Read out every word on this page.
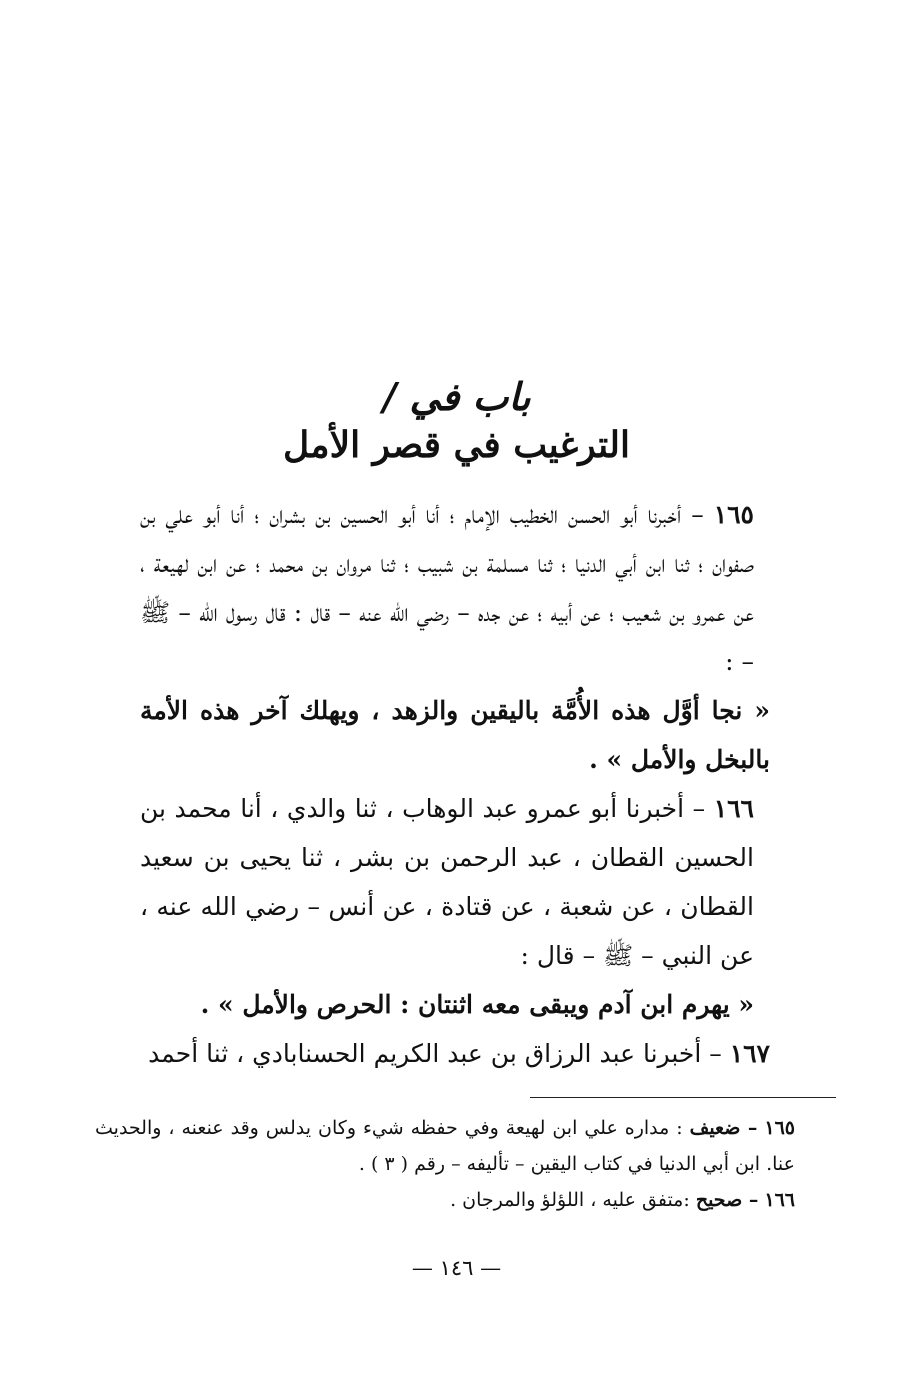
باب في /
الترغيب في قصر الأمل

١٦٥ – أخبرنا أبو الحسن الخطيب الإمام ؛ أنا أبو الحسين بن بشران ؛ أنا أبو علي بن صفوان ؛ ثنا ابن أبي الدنيا ؛ ثنا مسلمة بن شبيب ؛ ثنا مروان بن محمد ؛ عن ابن لهيعة ، عن عمرو بن شعيب ؛ عن أبيه ؛ عن جده – رضي الله عنه – قال : قال رسول الله – ﷺ – :

« نجا أوَّل هذه الأُمَّة باليقين والزهد ، ويهلك آخر هذه الأمة بالبخل والأمل » .

١٦٦ – أخبرنا أبو عمرو عبد الوهاب ، ثنا والدي ، أنا محمد بن الحسين القطان ، عبد الرحمن بن بشر ، ثنا يحيى بن سعيد القطان ، عن شعبة ، عن قتادة ، عن أنس – رضي الله عنه ، عن النبي – ﷺ – قال :

« يهرم ابن آدم ويبقى معه اثنتان : الحرص والأمل » .

١٦٧ – أخبرنا عبد الرزاق بن عبد الكريم الحسنابادي ، ثنا أحمد

١٦٥ – ضعيف : مداره علي ابن لهيعة وفي حفظه شيء وكان يدلس وقد عنعنه ، والحديث عنا. ابن أبي الدنيا في كتاب اليقين – تأليفه – رقم ( ٣ ) .

١٦٦ – صحيح :متفق عليه ، اللؤلؤ والمرجان .

— ١٤٦ —
